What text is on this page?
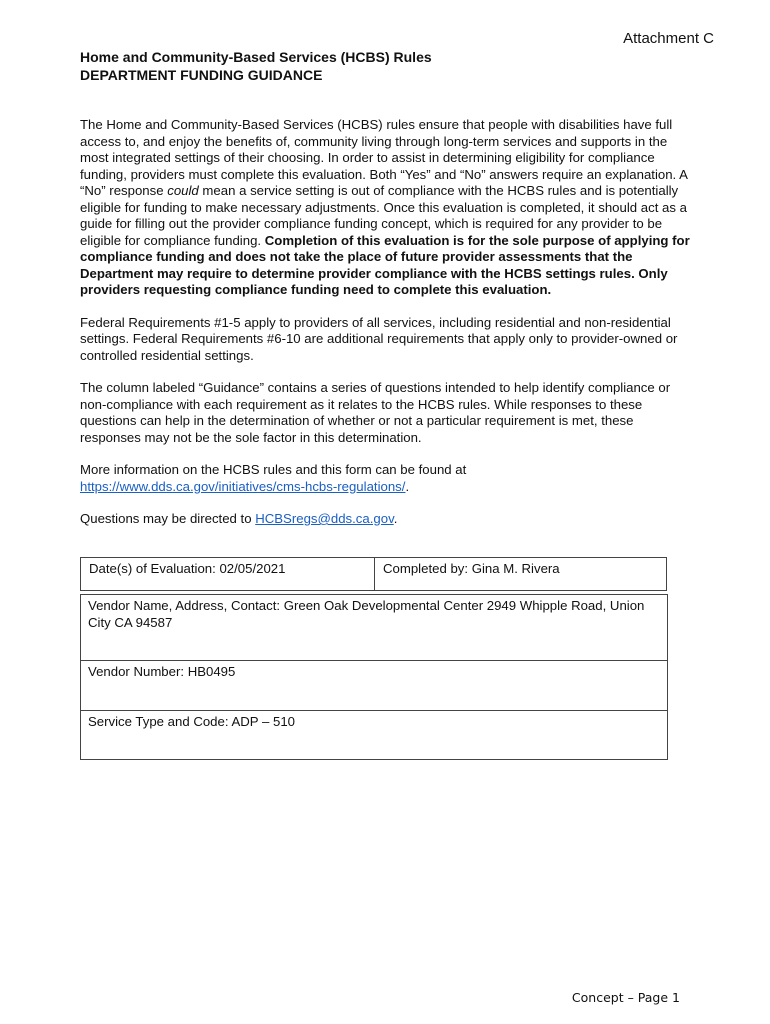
Attachment C
Home and Community-Based Services (HCBS) Rules
DEPARTMENT FUNDING GUIDANCE

The Home and Community-Based Services (HCBS) rules ensure that people with disabilities have full access to, and enjoy the benefits of, community living through long-term services and supports in the most integrated settings of their choosing. In order to assist in determining eligibility for compliance funding, providers must complete this evaluation. Both “Yes” and “No” answers require an explanation. A “No” response could mean a service setting is out of compliance with the HCBS rules and is potentially eligible for funding to make necessary adjustments. Once this evaluation is completed, it should act as a guide for filling out the provider compliance funding concept, which is required for any provider to be eligible for compliance funding. Completion of this evaluation is for the sole purpose of applying for compliance funding and does not take the place of future provider assessments that the Department may require to determine provider compliance with the HCBS settings rules. Only providers requesting compliance funding need to complete this evaluation.

Federal Requirements #1-5 apply to providers of all services, including residential and non-residential settings. Federal Requirements #6-10 are additional requirements that apply only to provider-owned or controlled residential settings.

The column labeled “Guidance” contains a series of questions intended to help identify compliance or non-compliance with each requirement as it relates to the HCBS rules. While responses to these questions can help in the determination of whether or not a particular requirement is met, these responses may not be the sole factor in this determination.

More information on the HCBS rules and this form can be found at
https://www.dds.ca.gov/initiatives/cms-hcbs-regulations/.

Questions may be directed to HCBSregs@dds.ca.gov.

Date(s) of Evaluation: 02/05/2021	Completed by: Gina M. Rivera
Vendor Name, Address, Contact: Green Oak Developmental Center 2949 Whipple Road, Union
City CA 94587
Vendor Number: HB0495
Service Type and Code: ADP – 510
Concept – Page 1
